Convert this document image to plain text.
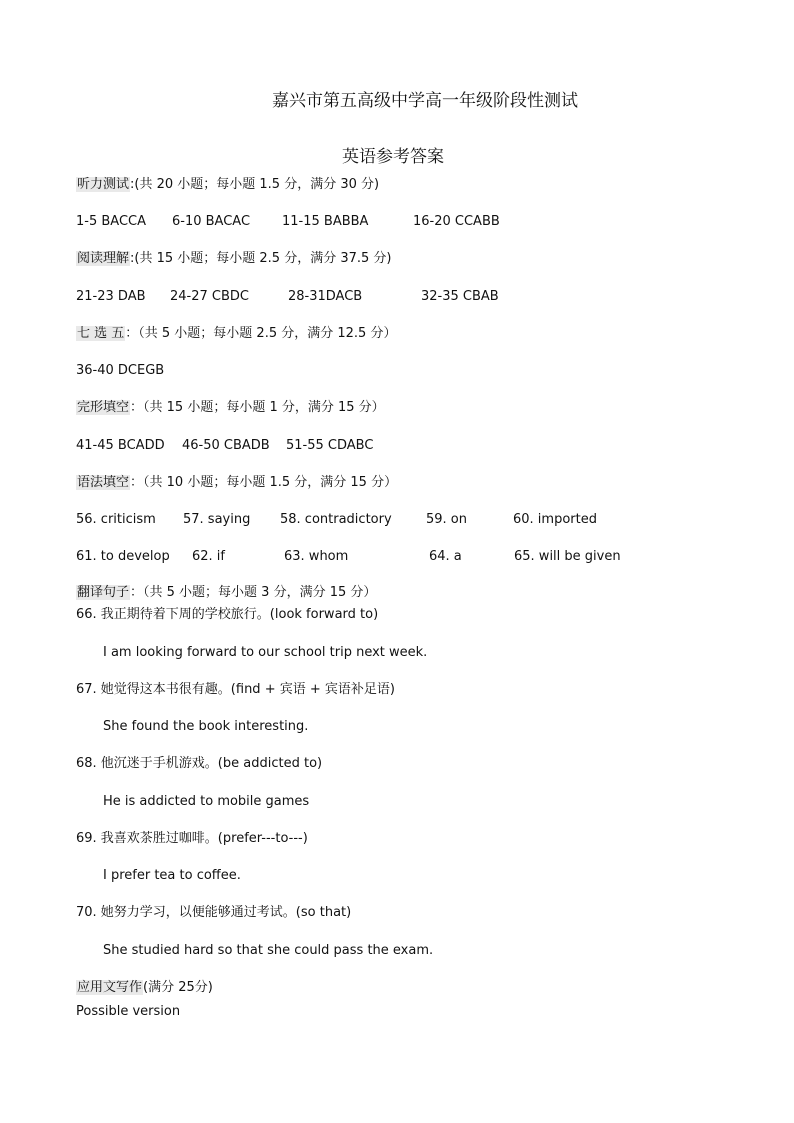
嘉兴市第五高级中学高一年级阶段性测试
英语参考答案
听力测试:(共 20 小题；每小题 1.5 分，满分 30 分)
1-5 BACCA 6-10 BACAC 11-15 BABBA	16-20 CCABB
阅读理解:(共 15 小题；每小题 2.5 分，满分 37.5 分)
21-23 DAB 24-27 CBDC	28-31DACB	32-35 CBAB
七 选 五：（共 5 小题；每小题 2.5 分，满分 12.5 分）
36-40 DCEGB
完形填空：（共 15 小题；每小题 1 分，满分 15 分）
41-45 BCADD 46-50 CBADB 51-55 CDABC
语法填空：（共 10 小题；每小题 1.5 分，满分 15 分）
56. criticism 57. saying 58. contradictory	59. on	60. imported
61. to develop 62. if	63. whom	64. a	65. will be given
翻译句子：（共 5 小题；每小题 3 分，满分 15 分）
66. 我正期待着下周的学校旅行。(look forward to)
I am looking forward to our school trip next week.
67. 她觉得这本书很有趣。(find + 宾语 + 宾语补足语)
She found the book interesting.
68. 他沉迷于手机游戏。(be addicted to)
He is addicted to mobile games
69. 我喜欢茶胜过咖啡。(prefer---to---)
I prefer tea to coffee.
70. 她努力学习，以便能够通过考试。(so that)
She studied hard so that she could pass the exam.
应用文写作(满分 25分)
Possible version
